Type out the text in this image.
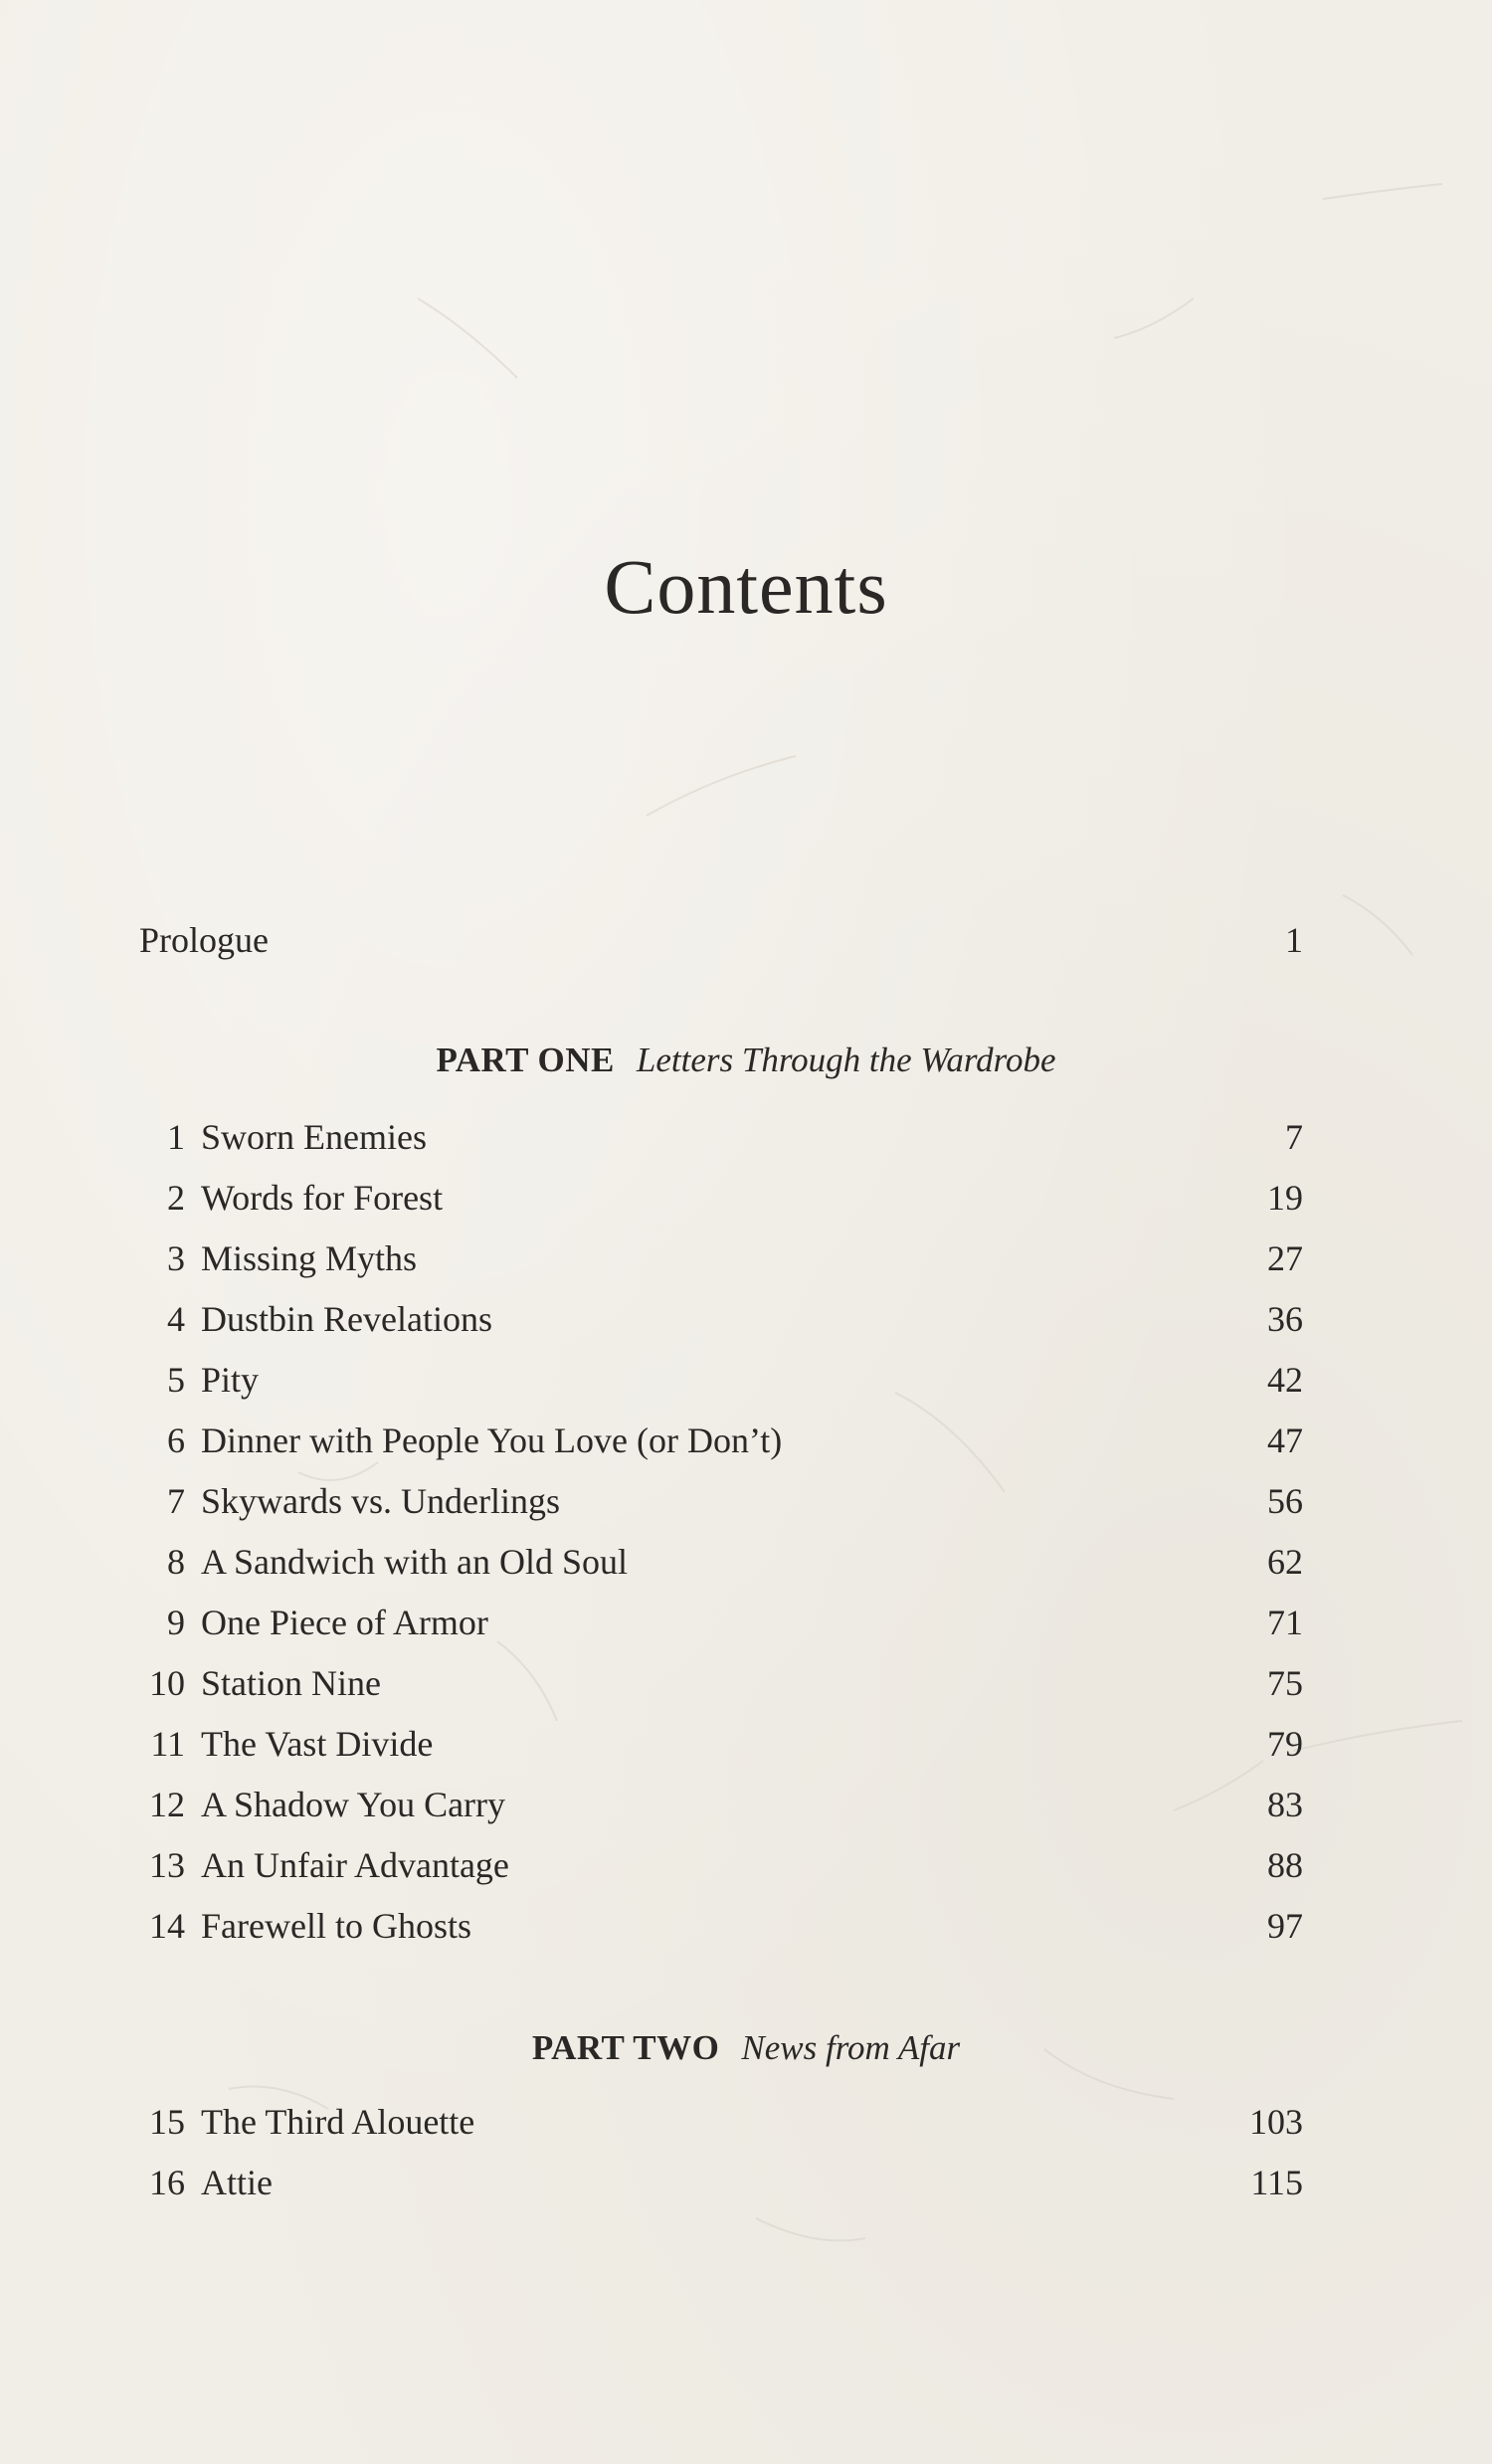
Contents
Prologue	1
PART ONE Letters Through the Wardrobe
1 Sworn Enemies	7
2 Words for Forest	19
3 Missing Myths	27
4 Dustbin Revelations	36
5 Pity	42
6 Dinner with People You Love (or Don’t)	47
7 Skywards vs. Underlings	56
8 A Sandwich with an Old Soul	62
9 One Piece of Armor	71
10 Station Nine	75
11 The Vast Divide	79
12 A Shadow You Carry	83
13 An Unfair Advantage	88
14 Farewell to Ghosts	97
PART TWO News from Afar
15 The Third Alouette	103
16 Attie	115
